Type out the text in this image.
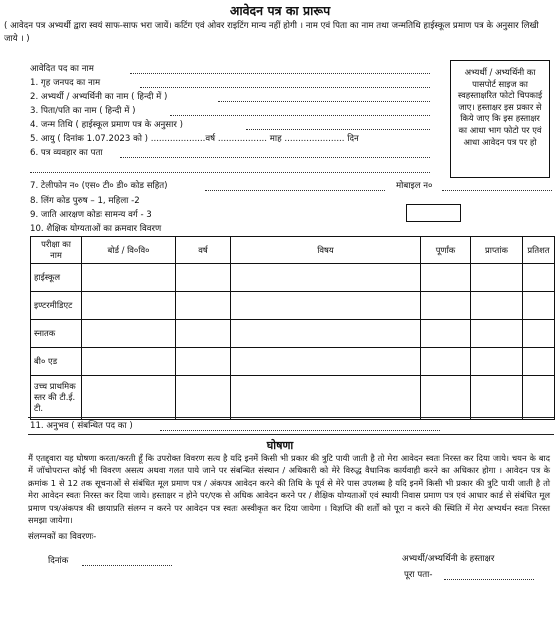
आवेदन पत्र का प्रारूप
( आवेदन पत्र अभ्यर्थी द्वारा स्वयं साफ-साफ भरा जायें। कटिंग एवं ओवर राइटिंग मान्य नहीं होगी । नाम एवं पिता का नाम तथा जन्मतिथि हाईस्कूल प्रमाण पत्र के अनुसार लिखी जाये । )
आवेदित पद का नाम
1. गृह जनपद का नाम
2. अभ्यर्थी / अभ्यर्थिनी का नाम ( हिन्दी में )
3. पिता/पति का नाम ( हिन्दी में )
4. जन्म तिथि ( हाईस्कूल प्रमाण पत्र के अनुसार )
5. आयु ( दिनांक 1.07.2023 को ) ....................वर्ष .................. माह ...................... दिन
6. पत्र व्यवहार का पता
अभ्यर्थी / अभ्यर्थिनी का पासपोर्ट साइज का स्वहस्ताक्षरित फोटो चिपकाई जाए। हस्ताक्षर इस प्रकार से किये जाए कि इस हस्ताक्षर का आधा भाग फोटो पर एवं आधा आवेदन पत्र पर हो
7. टेलीफोन न० (एस० टी० डी० कोड सहित)	मोबाइल न०
8. लिंग कोड पुरुष – 1, महिला -2
9. जाति आरक्षण कोडः सामन्य वर्ग - 3
10. शैक्षिक योग्यताओं का क्रमवार विवरण
परीक्षा का नाम	बोर्ड / वि०वि०	वर्ष	विषय	पूर्णांक	प्राप्तांक	प्रतिशत
हाईस्कूल						
इण्टरमीडिएट						
स्नातक						
बी० एड						
उच्च प्राथमिक स्तर की टी.ई. टी.						
11. अनुभव ( संबन्धित पद का )
घोषणा
मैं एतद्द्वारा यह घोषणा करता/करती हूँ कि उपरोक्त विवरण सत्य है यदि इनमें किसी भी प्रकार की त्रुटि पायी जाती है तो मेरा आवेदन स्वतः निरस्त कर दिया जाये। चयन के बाद में जॉचोपरान्त कोई भी विवरण असत्य अथवा गलत पाये जाने पर संबन्धित संस्थान / अधिकारी को मेरे विरुद्ध वैधानिक कार्यवाही करने का अधिकार होगा । आवेदन पत्र के क्रमांक 1 से 12 तक सूचनाओं से संबंधित मूल प्रमाण पत्र / अंकपत्र आवेदन करने की तिथि के पूर्व से मेरे पास उपलब्ध है यदि इनमें किसी भी प्रकार की त्रुटि पायी जाती है तो मेरा आवेदन स्वतः निरस्त कर दिया जाये। हस्ताक्षर न होने पर/एक से अधिक आवेदन करने पर / शैक्षिक योग्यताओं एवं स्थायी निवास प्रमाण पत्र एवं आधार कार्ड से संबंधित मूल प्रमाण पत्र/अंकपत्र की छायाप्रति संलग्न न करने पर आवेदन पत्र स्वतः अस्वीकृत कर दिया जायेगा । विज्ञप्ति की शर्तों को पूरा न करने की स्थिति में मेरा अभ्यर्थन स्वतः निरस्त समझा जायेगा।
संलग्नकों का विवरणः-
दिनांक	अभ्यर्थी/अभ्यर्थिनी के हस्ताक्षर
पूरा पता-
